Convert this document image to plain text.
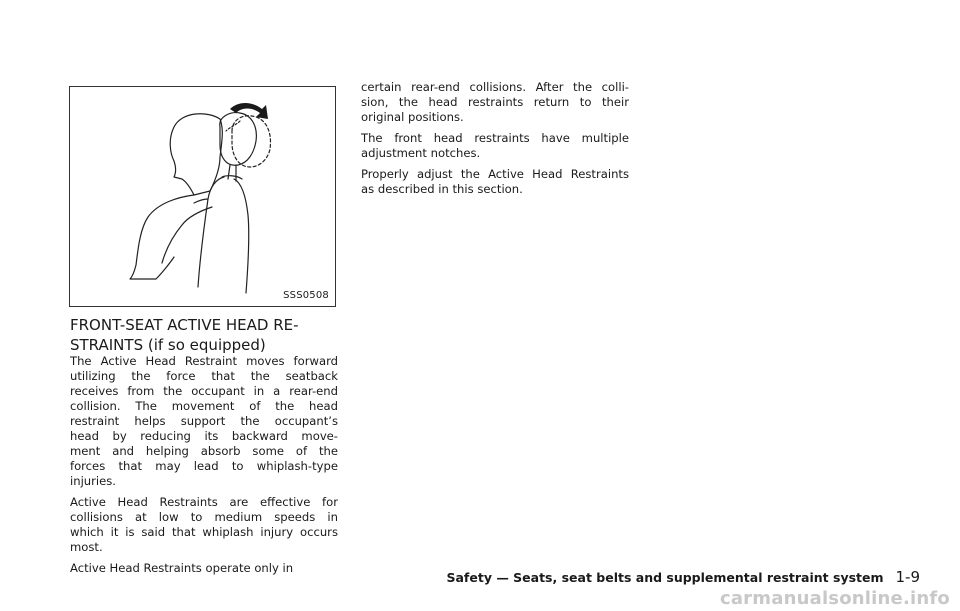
SSS0508
FRONT-SEAT ACTIVE HEAD RE-
STRAINTS (if so equipped)

The Active Head Restraint moves forward
utilizing the force that the seatback
receives from the occupant in a rear-end
collision. The movement of the head
restraint helps support the occupant’s
head by reducing its backward move-
ment and helping absorb some of the
forces that may lead to whiplash-type
injuries.

Active Head Restraints are effective for
collisions at low to medium speeds in
which it is said that whiplash injury occurs
most.

Active Head Restraints operate only in

certain rear-end collisions. After the colli-
sion, the head restraints return to their
original positions.

The front head restraints have multiple
adjustment notches.

Properly adjust the Active Head Restraints
as described in this section.

Safety — Seats, seat belts and supplemental restraint system 1-9
carmanualsonline.info
